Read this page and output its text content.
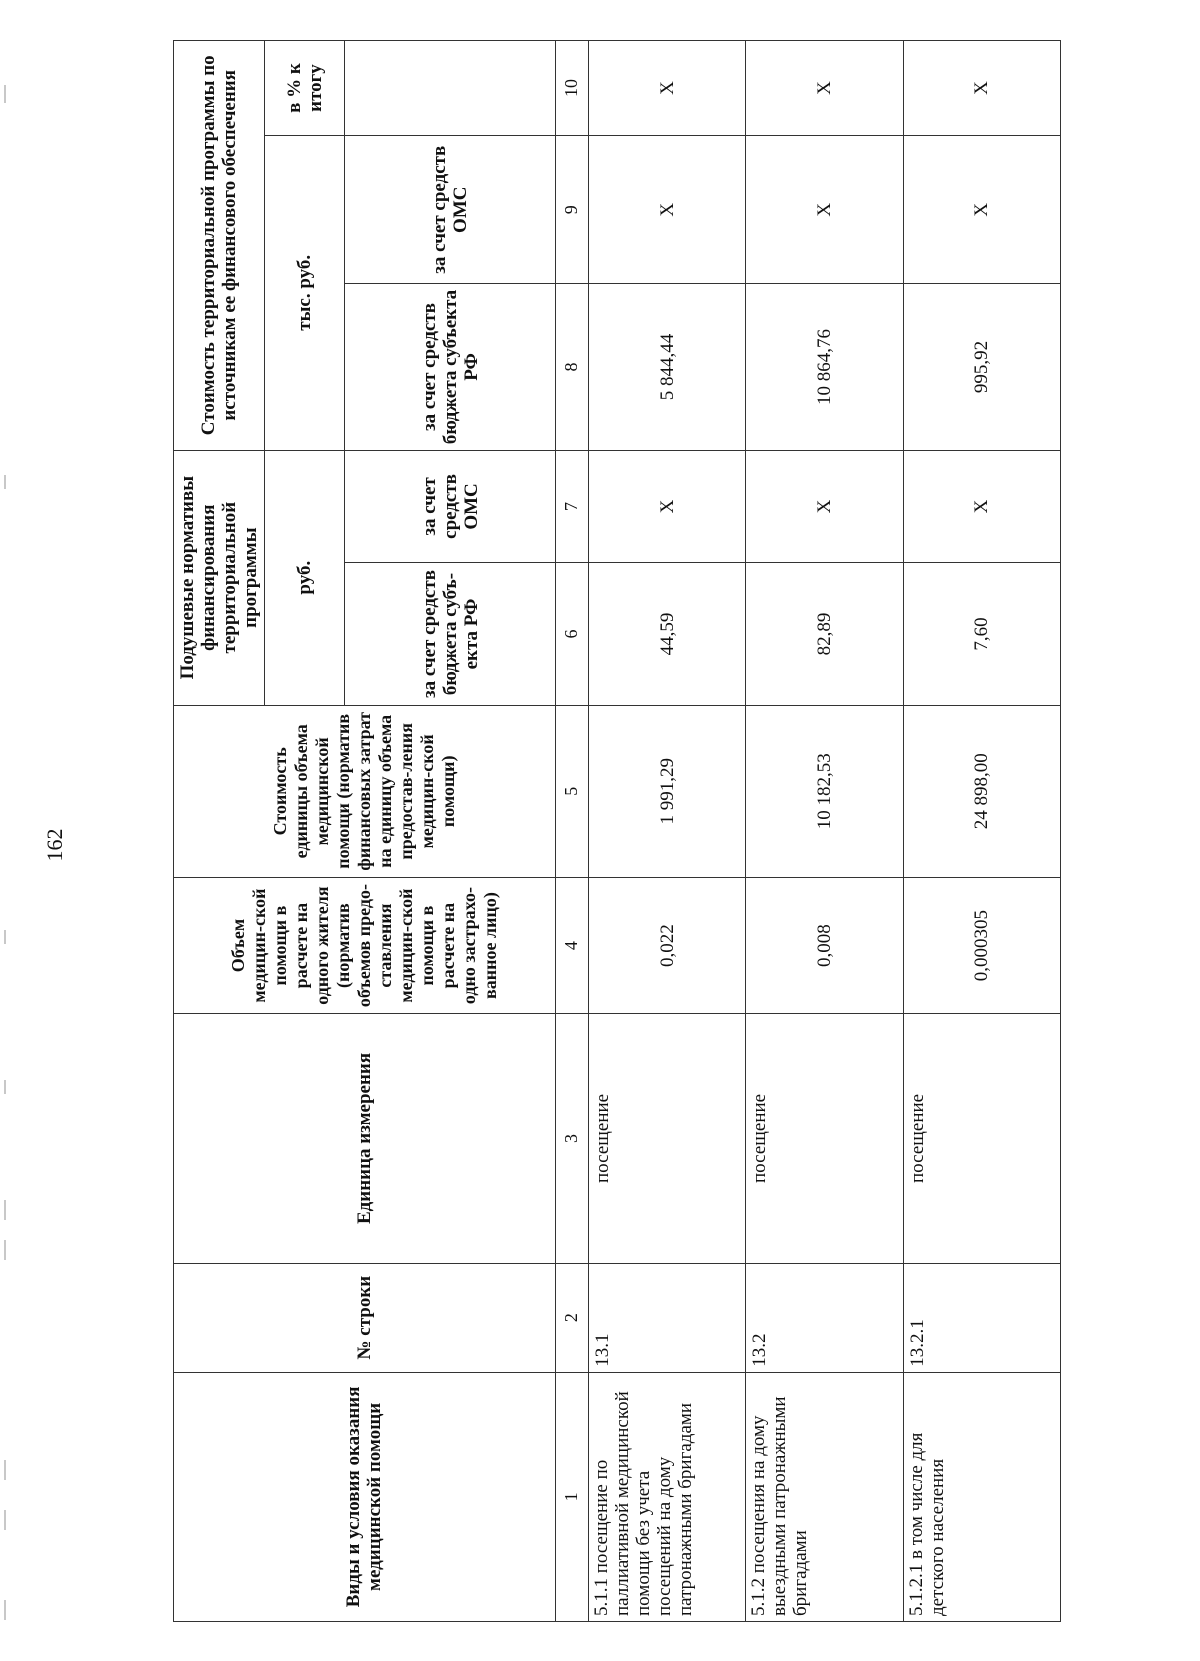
162
Виды и условия оказания медицинской помощи	№ строки	Единица измерения	Объем медицин-ской помощи в расчете на одного жителя (норматив объемов предо-ставления медицин-ской помощи в расчете на одно застрахо-ванное лицо)	Стоимость единицы объема медицинской помощи (норматив финансовых затрат на единицу объема предостав-ления медицин-ской помощи)	Подушевые нормативы финансирования территориальной программы		Стоимость территориальной программы по источникам ее финансового обеспечения		
					руб.		тыс. руб.		в % к итогу
					за счет средств бюджета субъ-екта РФ	за счет средств ОМС	за счет средств бюджета субъекта РФ	за счет средств ОМС	
1	2	3	4	5	6	7	8	9	10
5.1.1 посещение по паллиативной медицинской помощи без учета посещений на дому патронажными бригадами	13.1	посещение	0,022	1 991,29	44,59	X	5 844,44	X	X
5.1.2 посещения на дому выездными патронажными бригадами	13.2	посещение	0,008	10 182,53	82,89	X	10 864,76	X	X
5.1.2.1 в том числе для детского населения	13.2.1	посещение	0,000305	24 898,00	7,60	X	995,92	X	X
